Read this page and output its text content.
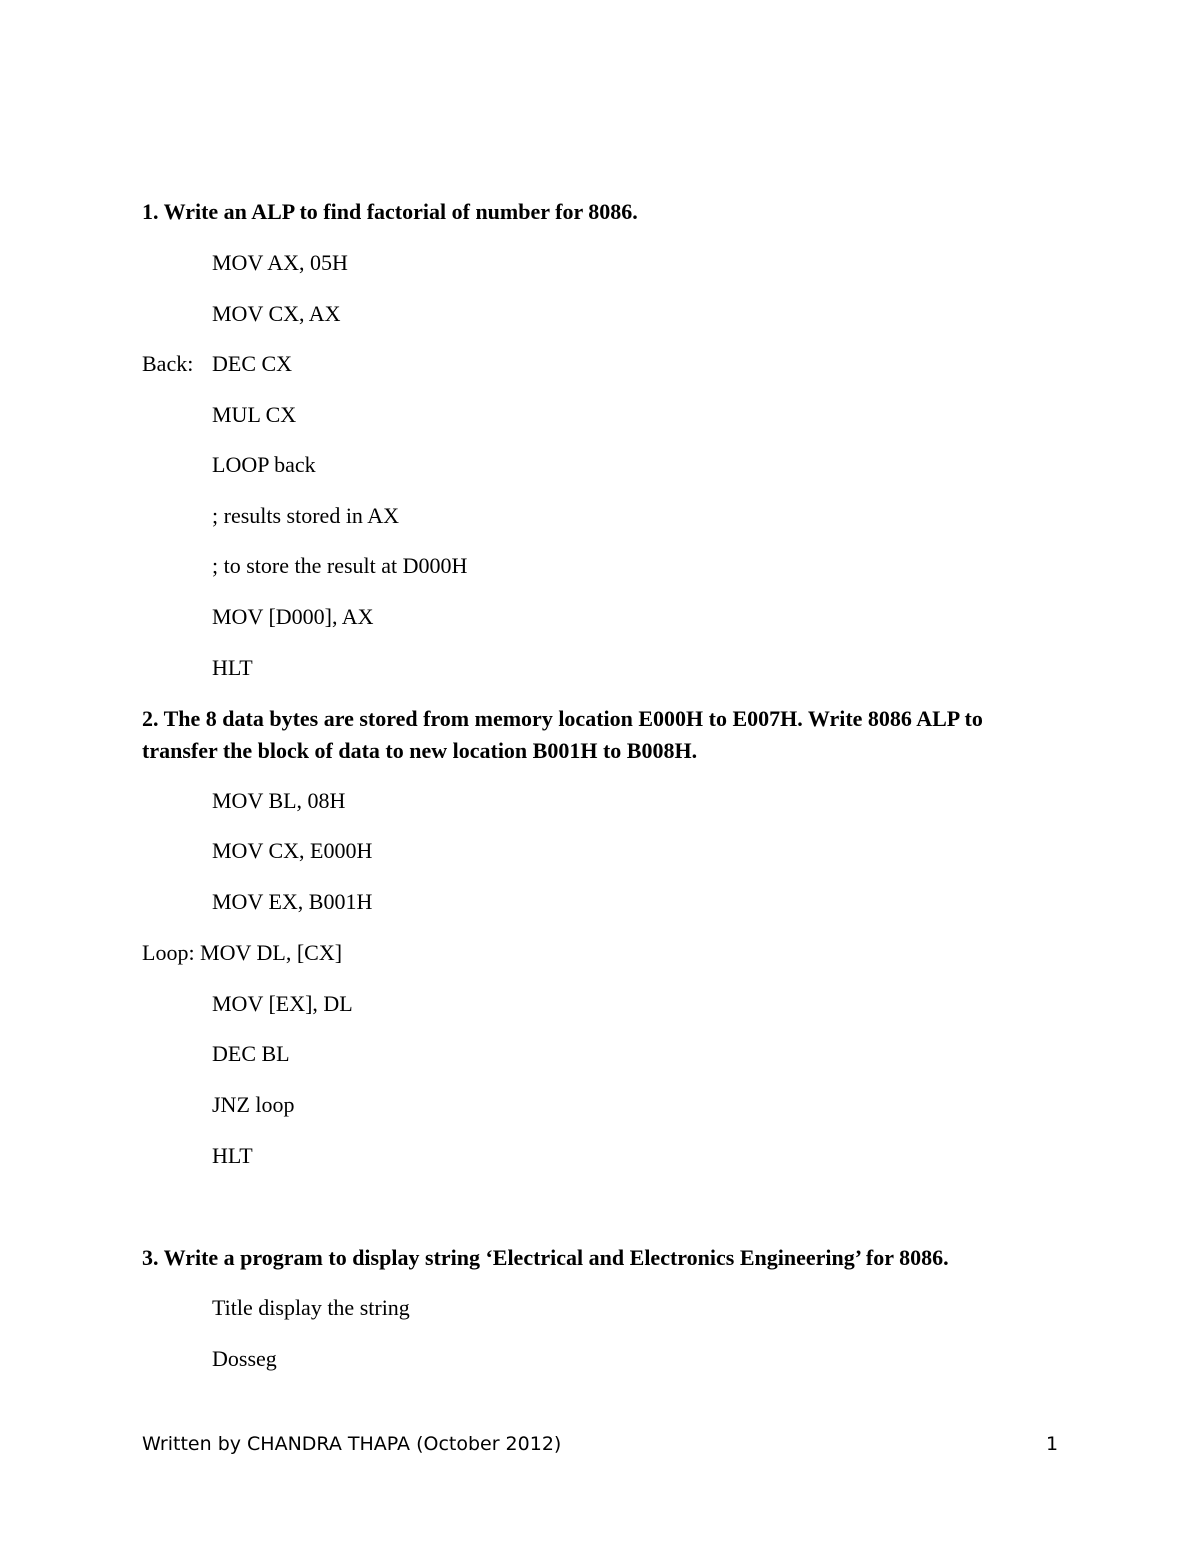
1. Write an ALP to find factorial of number for 8086.
MOV AX, 05H
MOV CX, AX
Back: DEC CX
MUL CX
LOOP back
; results stored in AX
; to store the result at D000H
MOV [D000], AX
HLT
2. The 8 data bytes are stored from memory location E000H to E007H. Write 8086 ALP to transfer the block of data to new location B001H to B008H.
MOV BL, 08H
MOV CX, E000H
MOV EX, B001H
Loop: MOV DL, [CX]
MOV [EX], DL
DEC BL
JNZ loop
HLT
3. Write a program to display string ‘Electrical and Electronics Engineering’ for 8086.
Title display the string
Dosseg
Written by CHANDRA THAPA (October 2012)	1
